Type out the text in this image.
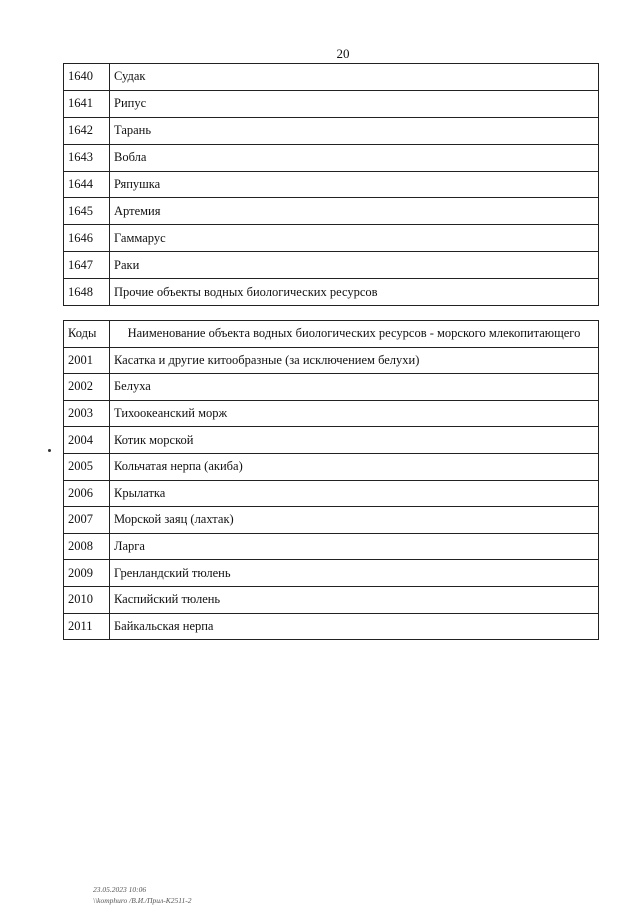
20
1640	Судак
1641	Рипус
1642	Тарань
1643	Вобла
1644	Ряпушка
1645	Артемия
1646	Гаммарус
1647	Раки
1648	Прочие объекты водных биологических ресурсов
Коды	Наименование объекта водных биологических ресурсов - морского млекопитающего
2001	Касатка и другие китообразные (за исключением белухи)
2002	Белуха
2003	Тихоокеанский морж
2004	Котик морской
2005	Кольчатая нерпа (акиба)
2006	Крылатка
2007	Морской заяц (лахтак)
2008	Ларга
2009	Гренландский тюлень
2010	Каспийский тюлень
2011	Байкальская нерпа
23.05.2023 10:06
\\komphuro /В.И./Прил-К2511-2
